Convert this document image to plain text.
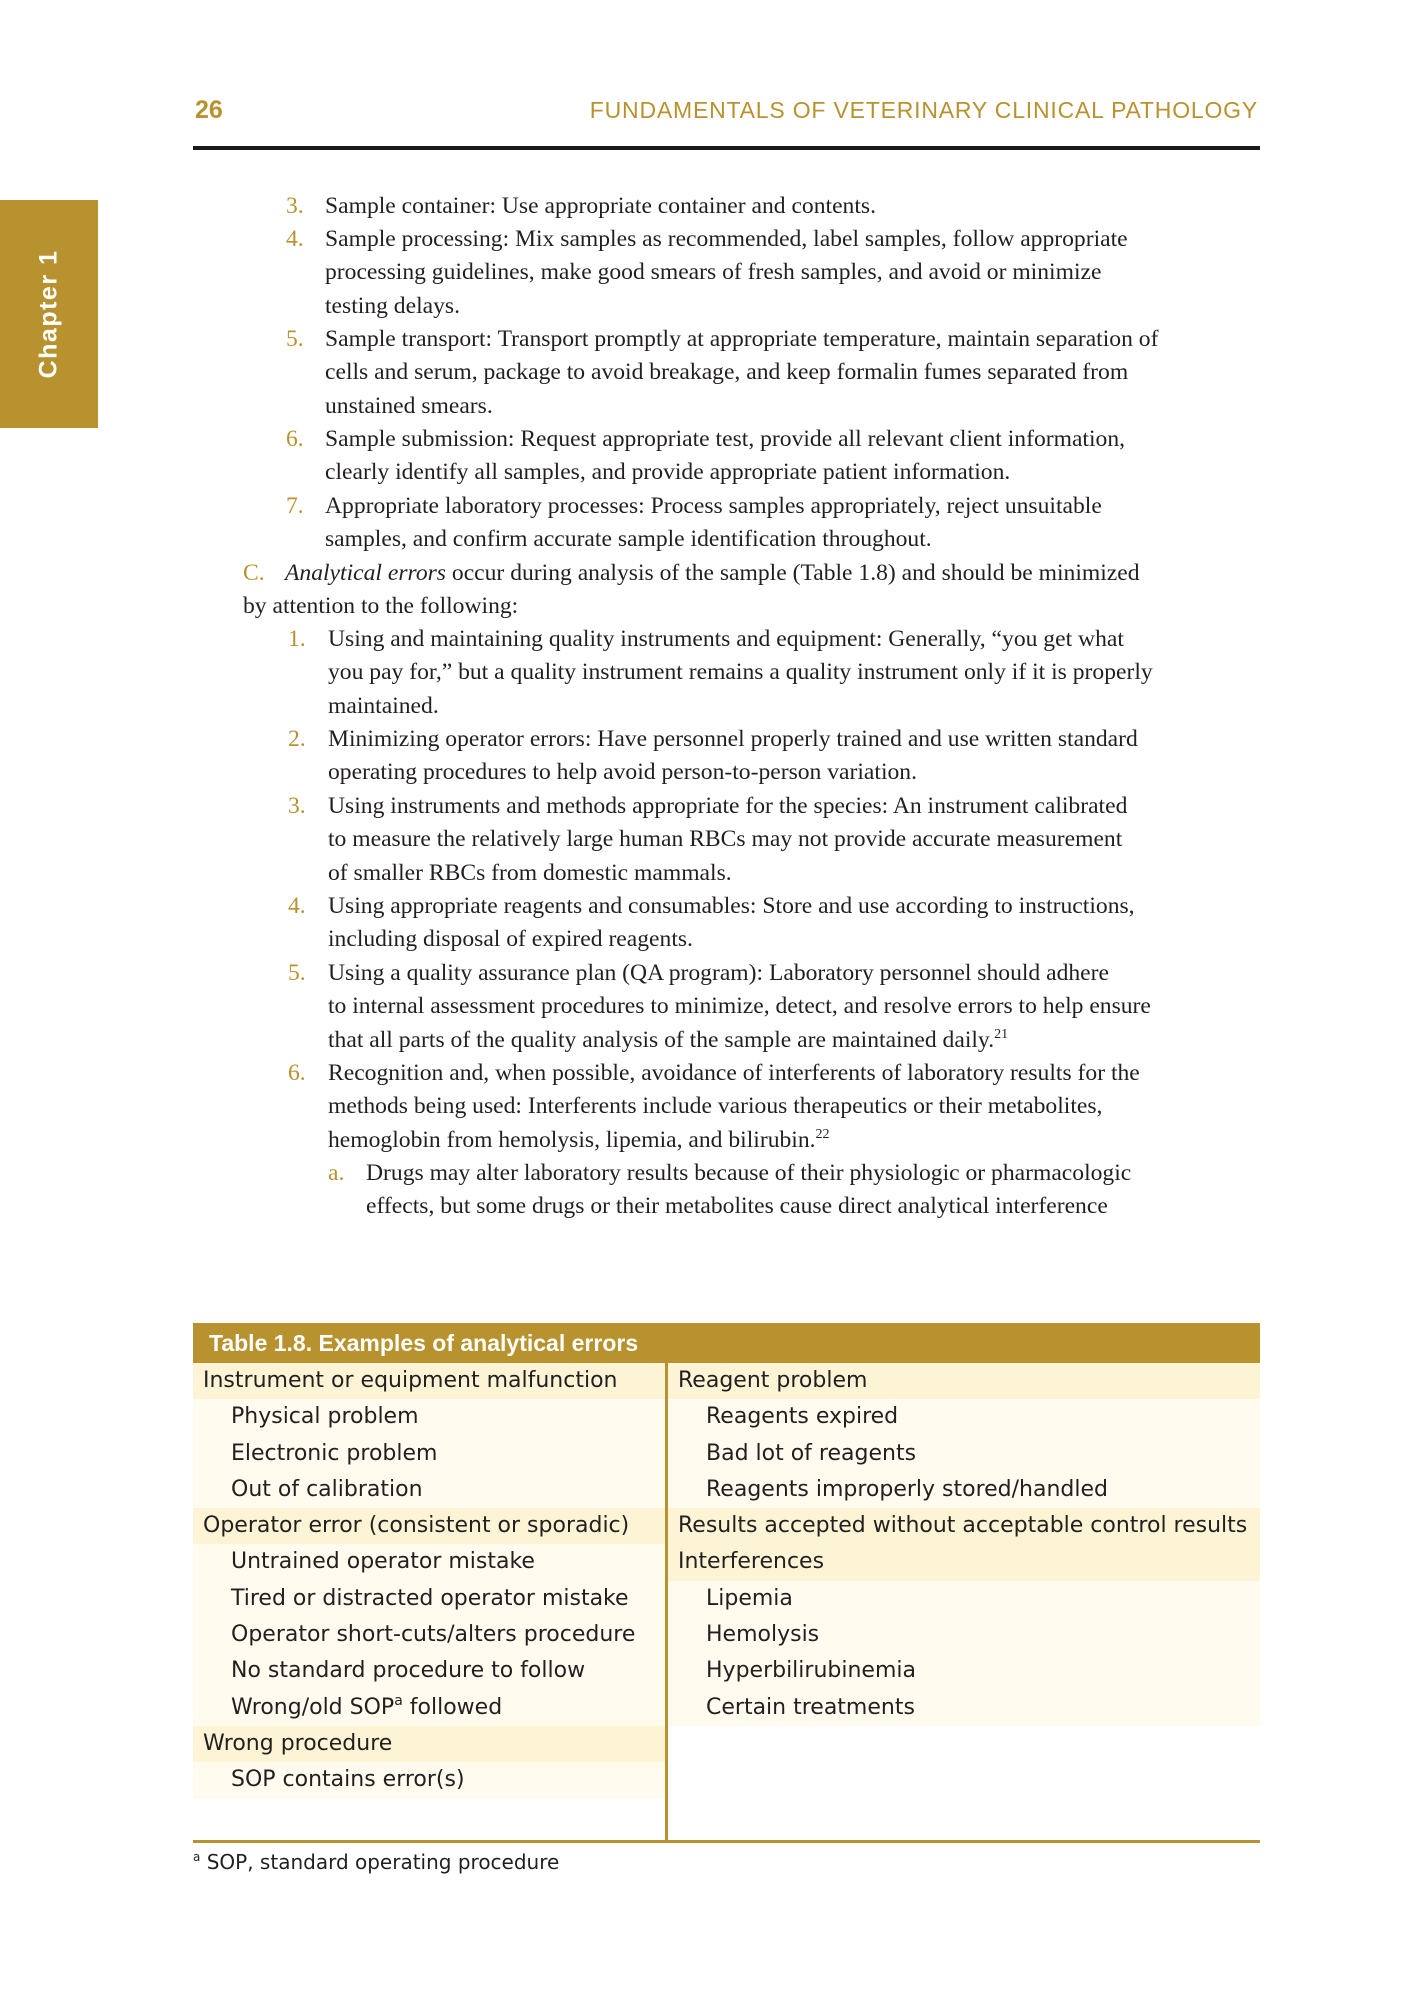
26	FUNDAMENTALS OF VETERINARY CLINICAL PATHOLOGY
Chapter 1
3. Sample container: Use appropriate container and contents.
4. Sample processing: Mix samples as recommended, label samples, follow appropriate
processing guidelines, make good smears of fresh samples, and avoid or minimize
testing delays.
5. Sample transport: Transport promptly at appropriate temperature, maintain separation of
cells and serum, package to avoid breakage, and keep formalin fumes separated from
unstained smears.
6. Sample submission: Request appropriate test, provide all relevant client information,
clearly identify all samples, and provide appropriate patient information.
7. Appropriate laboratory processes: Process samples appropriately, reject unsuitable
samples, and confirm accurate sample identification throughout.
C. Analytical errors occur during analysis of the sample (Table 1.8) and should be minimized
by attention to the following:
1. Using and maintaining quality instruments and equipment: Generally, “you get what
you pay for,” but a quality instrument remains a quality instrument only if it is properly
maintained.
2. Minimizing operator errors: Have personnel properly trained and use written standard
operating procedures to help avoid person-to-person variation.
3. Using instruments and methods appropriate for the species: An instrument calibrated
to measure the relatively large human RBCs may not provide accurate measurement
of smaller RBCs from domestic mammals.
4. Using appropriate reagents and consumables: Store and use according to instructions,
including disposal of expired reagents.
5. Using a quality assurance plan (QA program): Laboratory personnel should adhere
to internal assessment procedures to minimize, detect, and resolve errors to help ensure
that all parts of the quality analysis of the sample are maintained daily.$^{21}$
6. Recognition and, when possible, avoidance of interferents of laboratory results for the
methods being used: Interferents include various therapeutics or their metabolites,
hemoglobin from hemolysis, lipemia, and bilirubin.$^{22}$
a. Drugs may alter laboratory results because of their physiologic or pharmacologic
effects, but some drugs or their metabolites cause direct analytical interference
Table 1.8. Examples of analytical errors
Instrument or equipment malfunction
Physical problem
Electronic problem
Out of calibration
Operator error (consistent or sporadic)
Untrained operator mistake
Tired or distracted operator mistake
Operator short-cuts/alters procedure
No standard procedure to follow
Wrong/old SOP$^a$ followed
Wrong procedure
SOP contains error(s)
Reagent problem
Reagents expired
Bad lot of reagents
Reagents improperly stored/handled
Results accepted without acceptable control results
Interferences
Lipemia
Hemolysis
Hyperbilirubinemia
Certain treatments
$^a$ SOP, standard operating procedure
